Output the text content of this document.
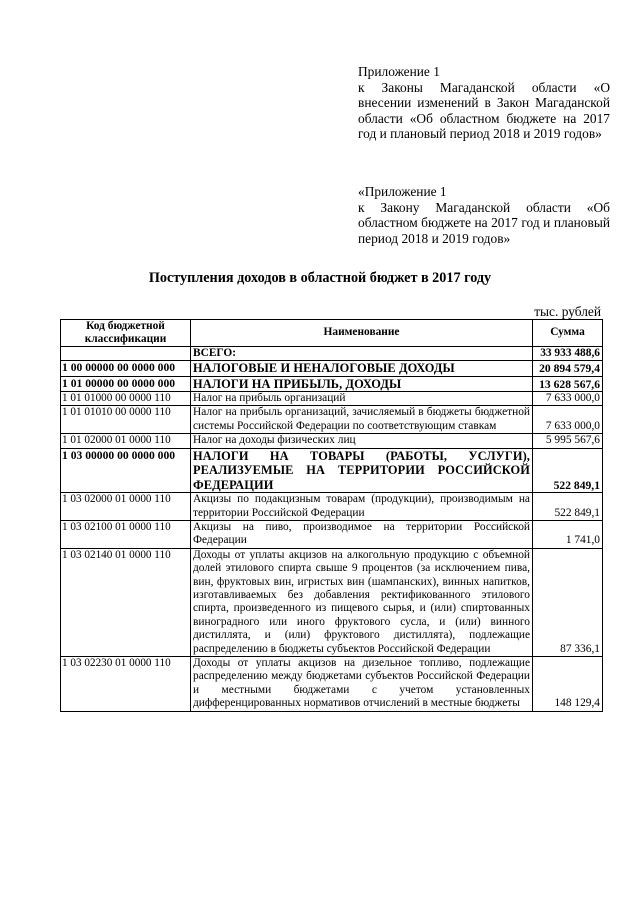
Приложение 1

к Законы Магаданской области «О внесении изменений в Закон Магаданской области «Об областном бюджете на 2017 год и плановый период 2018 и 2019 годов»

«Приложение 1

к Закону Магаданской области «Об областном бюджете на 2017 год и плановый период 2018 и 2019 годов»

Поступления доходов в областной бюджет в 2017 году
тыс. рублей
Код бюджетной классификации	Наименование	Сумма
	ВСЕГО:	33 933 488,6
1 00 00000 00 0000 000	НАЛОГОВЫЕ И НЕНАЛОГОВЫЕ ДОХОДЫ	20 894 579,4
1 01 00000 00 0000 000	НАЛОГИ НА ПРИБЫЛЬ, ДОХОДЫ	13 628 567,6
1 01 01000 00 0000 110	Налог на прибыль организаций	7 633 000,0
1 01 01010 00 0000 110	Налог на прибыль организаций, зачисляемый в бюджеты бюджетной системы Российской Федерации по соответствующим ставкам	7 633 000,0
1 01 02000 01 0000 110	Налог на доходы физических лиц	5 995 567,6
1 03 00000 00 0000 000	НАЛОГИ НА ТОВАРЫ (РАБОТЫ, УСЛУГИ), РЕАЛИЗУЕМЫЕ НА ТЕРРИТОРИИ РОССИЙСКОЙ ФЕДЕРАЦИИ	522 849,1
1 03 02000 01 0000 110	Акцизы по подакцизным товарам (продукции), производимым на территории Российской Федерации	522 849,1
1 03 02100 01 0000 110	Акцизы на пиво, производимое на территории Российской Федерации	1 741,0
1 03 02140 01 0000 110	Доходы от уплаты акцизов на алкогольную продукцию с объемной долей этилового спирта свыше 9 процентов (за исключением пива, вин, фруктовых вин, игристых вин (шампанских), винных напитков, изготавливаемых без добавления ректификованного этилового спирта, произведенного из пищевого сырья, и (или) спиртованных виноградного или иного фруктового сусла, и (или) винного дистиллята, и (или) фруктового дистиллята), подлежащие распределению в бюджеты субъектов Российской Федерации	87 336,1
1 03 02230 01 0000 110	Доходы от уплаты акцизов на дизельное топливо, подлежащие распределению между бюджетами субъектов Российской Федерации и местными бюджетами с учетом установленных дифференцированных нормативов отчислений в местные бюджеты	148 129,4
